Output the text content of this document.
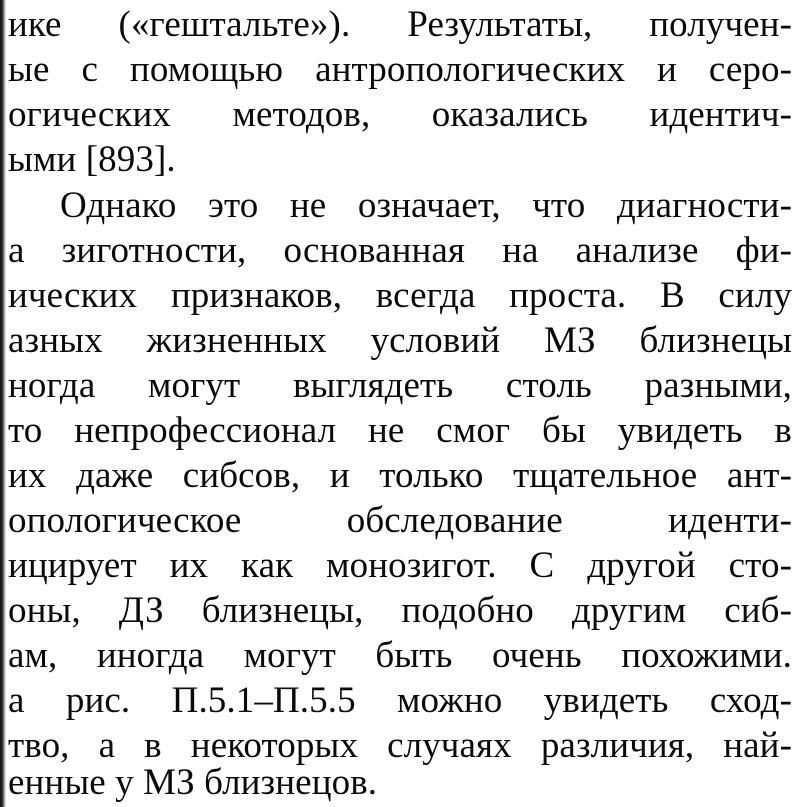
ике («гештальте»). Результаты, получен-
ые с помощью антропологических и серо-
огических методов, оказались идентич-
ыми [893].
Однако это не означает, что диагности-
а зиготности, основанная на анализе фи-
ических признаков, всегда проста. В силу
азных жизненных условий МЗ близнецы
ногда могут выглядеть столь разными,
то непрофессионал не смог бы увидеть в
их даже сибсов, и только тщательное ант-
опологическое обследование иденти-
ицирует их как монозигот. С другой сто-
оны, ДЗ близнецы, подобно другим сиб-
ам, иногда могут быть очень похожими.
а рис. П.5.1–П.5.5 можно увидеть сход-
тво, а в некоторых случаях различия, най-
енные у МЗ близнецов.
